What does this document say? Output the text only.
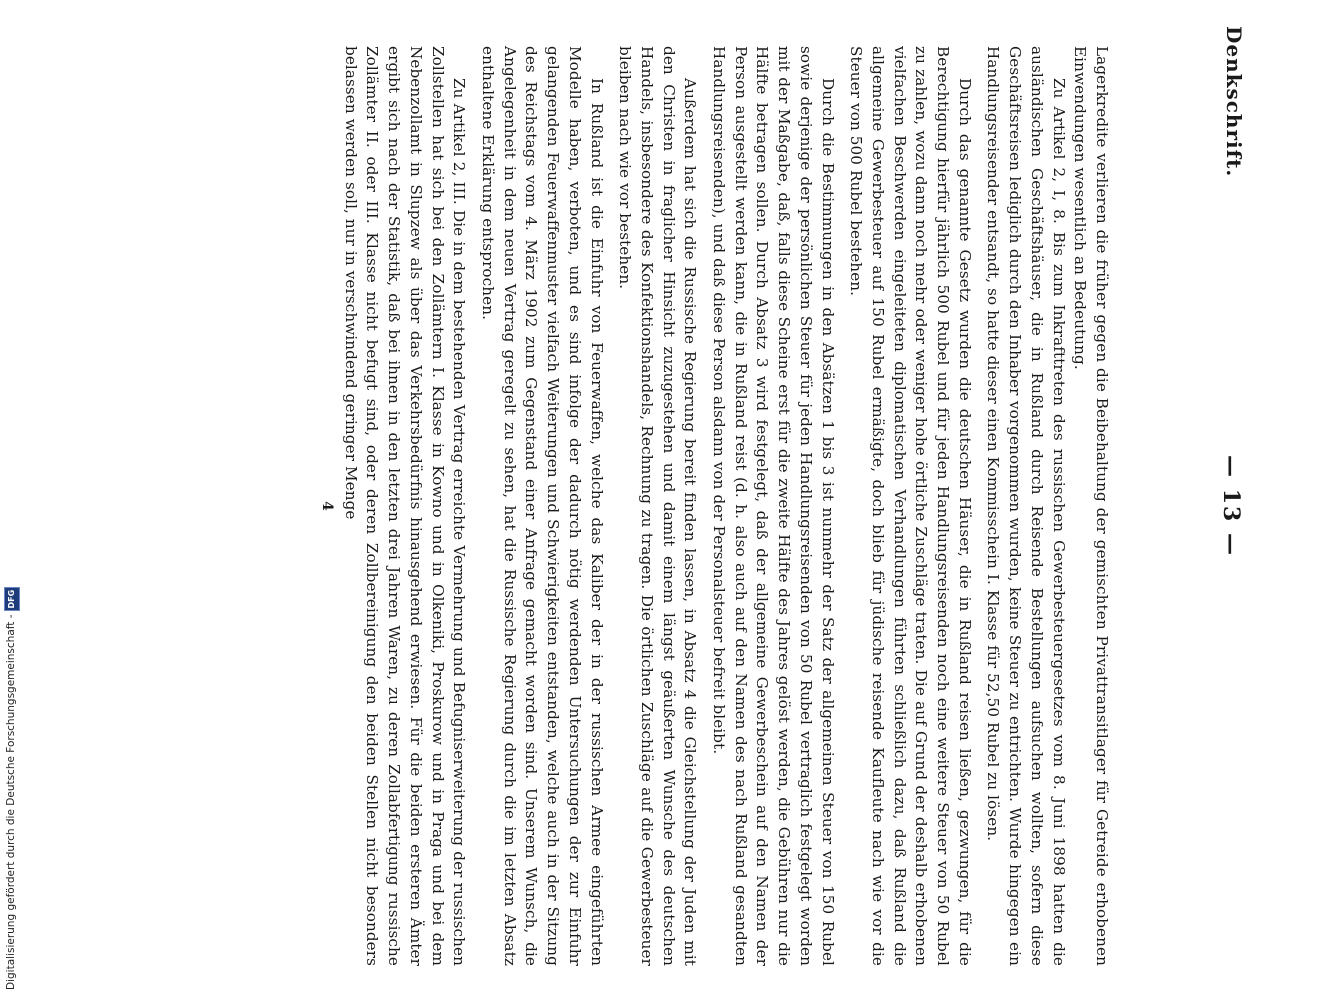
Digitalisierung gefördert durch die Deutsche Forschungsgemeinschaft -DFG
Denkschrift.
— 13 —

Lagerkredite verlieren die früher gegen die Beibehaltung der gemischten Privattransitlager für Getreide erhobenen Einwendungen wesentlich an Bedeutung.

Zu Artikel 2, I, 8. Bis zum Inkrafttreten des russischen Gewerbesteuergesetzes vom 8. Juni 1898 hatten die ausländischen Geschäftshäuser, die in Rußland durch Reisende Bestellungen aufsuchen wollten, sofern diese Geschäftsreisen lediglich durch den Inhaber vorgenommen wurden, keine Steuer zu entrichten. Wurde hingegen ein Handlungsreisender entsandt, so hatte dieser einen Kommisschein I. Klasse für 52,50 Rubel zu lösen.

Durch das genannte Gesetz wurden die deutschen Häuser, die in Rußland reisen ließen, gezwungen, für die Berechtigung hierfür jährlich 500 Rubel und für jeden Handlungsreisenden noch eine weitere Steuer von 50 Rubel zu zahlen, wozu dann noch mehr oder weniger hohe örtliche Zuschläge traten. Die auf Grund der deshalb erhobenen vielfachen Beschwerden eingeleiteten diplomatischen Verhandlungen führten schließlich dazu, daß Rußland die allgemeine Gewerbesteuer auf 150 Rubel ermäßigte, doch blieb für jüdische reisende Kaufleute nach wie vor die Steuer von 500 Rubel bestehen.

Durch die Bestimmungen in den Absätzen 1 bis 3 ist nunmehr der Satz der allgemeinen Steuer von 150 Rubel sowie derjenige der persönlichen Steuer für jeden Handlungsreisenden von 50 Rubel vertraglich festgelegt worden mit der Maßgabe, daß, falls diese Scheine erst für die zweite Hälfte des Jahres gelöst werden, die Gebühren nur die Hälfte betragen sollen. Durch Absatz 3 wird festgelegt, daß der allgemeine Gewerbeschein auf den Namen der Person ausgestellt werden kann, die in Rußland reist (d. h. also auch auf den Namen des nach Rußland gesandten Handlungsreisenden), und daß diese Person alsdann von der Personalsteuer befreit bleibt.

Außerdem hat sich die Russische Regierung bereit finden lassen, in Absatz 4 die Gleichstellung der Juden mit den Christen in fraglicher Hinsicht zuzugestehen und damit einem längst geäußerten Wunsche des deutschen Handels, insbesondere des Konfektionshandels, Rechnung zu tragen. Die örtlichen Zuschläge auf die Gewerbesteuer bleiben nach wie vor bestehen.

In Rußland ist die Einfuhr von Feuerwaffen, welche das Kaliber der in der russischen Armee eingeführten Modelle haben, verboten, und es sind infolge der dadurch nötig werdenden Untersuchungen der zur Einfuhr gelangenden Feuerwaffenmuster vielfach Weiterungen und Schwierigkeiten entstanden, welche auch in der Sitzung des Reichstags vom 4. März 1902 zum Gegenstand einer Anfrage gemacht worden sind. Unserem Wunsch, die Angelegenheit in dem neuen Vertrag geregelt zu sehen, hat die Russische Regierung durch die im letzten Absatz enthaltene Erklärung entsprochen.

Zu Artikel 2, III. Die in dem bestehenden Vertrag erreichte Vermehrung und Befugniserweiterung der russischen Zollstellen hat sich bei den Zollämtern I. Klasse in Kowno und in Olkeniki, Proskurow und in Praga und bei dem Nebenzollamt in Slupzew als über das Verkehrsbedürfnis hinausgehend erwiesen. Für die beiden ersteren Ämter ergibt sich nach der Statistik, daß bei ihnen in den letzten drei Jahren Waren, zu deren Zollabfertigung russische Zollämter II. oder III. Klasse nicht befugt sind, oder deren Zollbereinigung den beiden Stellen nicht besonders belassen werden soll, nur in verschwindend geringer Menge

4
